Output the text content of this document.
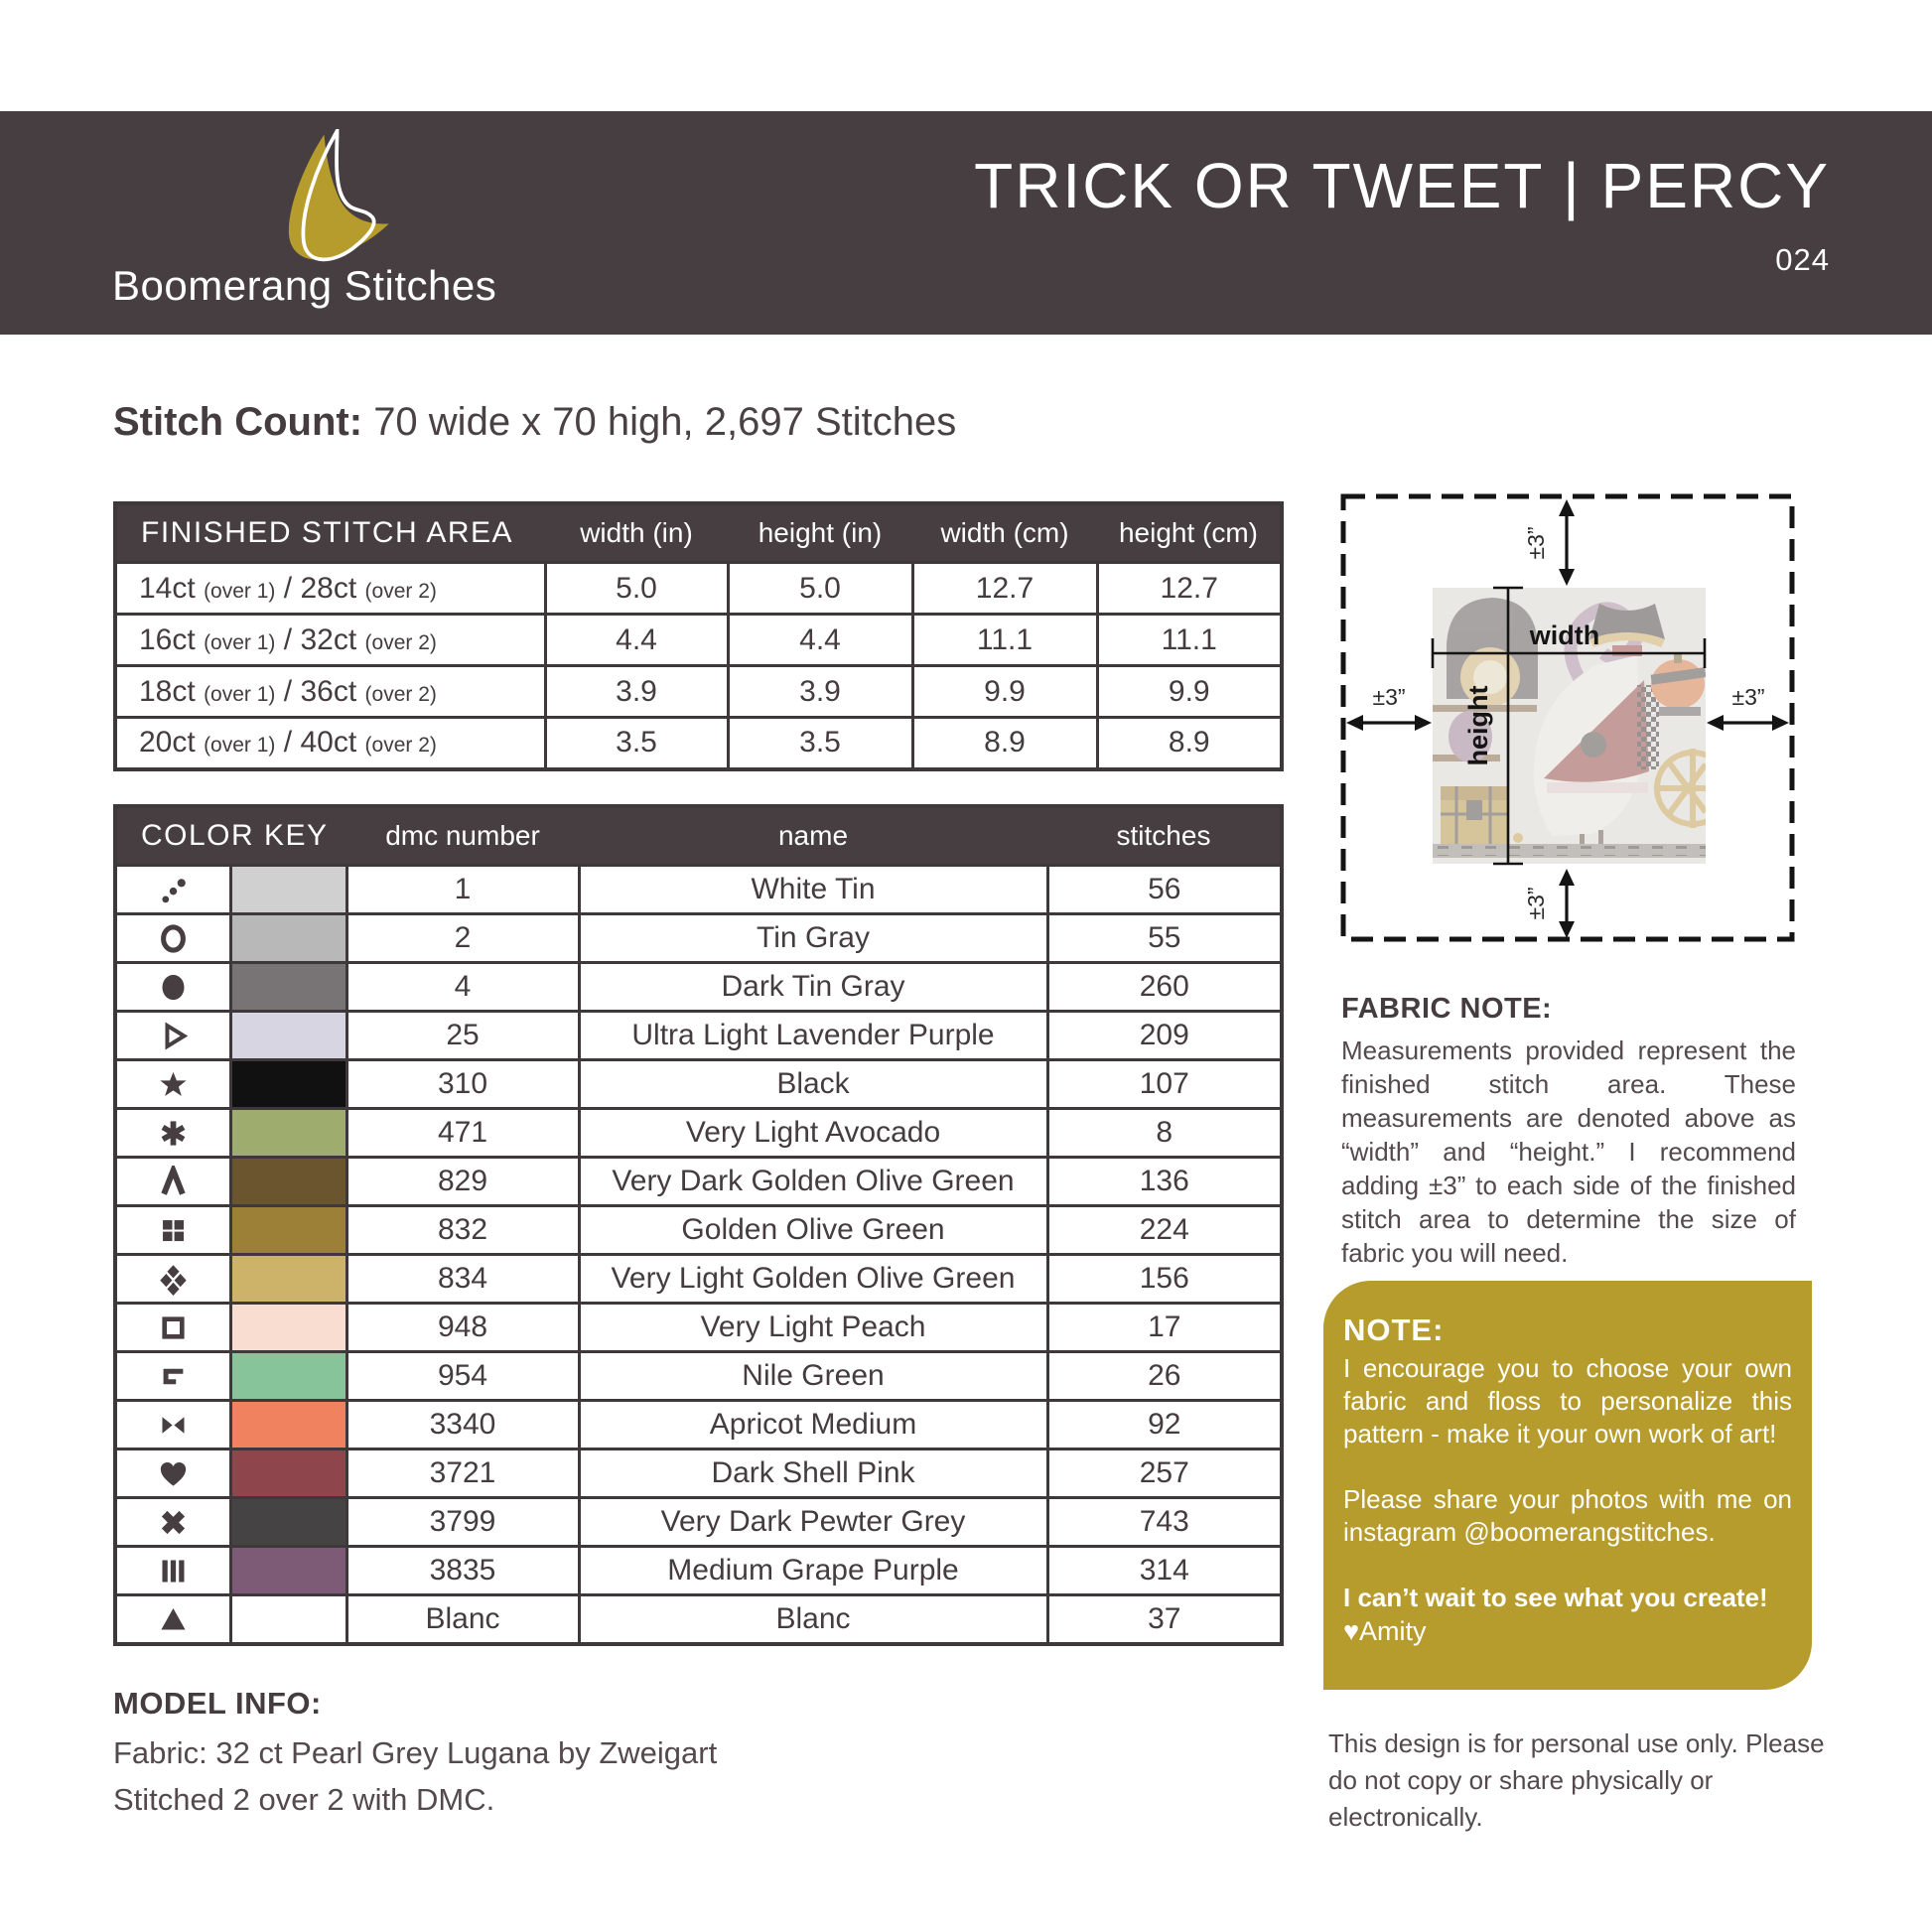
Boomerang Stitches
TRICK OR TWEET | PERCY
024
Stitch Count: 70 wide x 70 high, 2,697 Stitches
FINISHED STITCH AREA	width (in)	height (in)	width (cm)	height (cm)
14ct (over 1) / 28ct (over 2)	5.0	5.0	12.7	12.7
16ct (over 1) / 32ct (over 2)	4.4	4.4	11.1	11.1
18ct (over 1) / 36ct (over 2)	3.9	3.9	9.9	9.9
20ct (over 1) / 40ct (over 2)	3.5	3.5	8.9	8.9
COLOR KEY		dmc number	name	stitches

		1	White Tin	56

		2	Tin Gray	55

		4	Dark Tin Gray	260

		25	Ultra Light Lavender Purple	209

		310	Black	107

		471	Very Light Avocado	8

		829	Very Dark Golden Olive Green	136

		832	Golden Olive Green	224

		834	Very Light Golden Olive Green	156

		948	Very Light Peach	17

		954	Nile Green	26

		3340	Apricot Medium	92

		3721	Dark Shell Pink	257

		3799	Very Dark Pewter Grey	743

		3835	Medium Grape Purple	314

		Blanc	Blanc	37
width
height
±3”
±3”
±3”	±3”
FABRIC NOTE:

Measurements provided represent the finished stitch area. These measurements are denoted above as “width” and “height.” I recommend adding ±3” to each side of the finished stitch area to determine the size of fabric you will need.

NOTE:

I encourage you to choose your own fabric and floss to personalize this pattern - make it your own work of art!

Please share your photos with me on instagram @boomerangstitches.

I can’t wait to see what you create!

♥Amity
MODEL INFO:

Fabric: 32 ct Pearl Grey Lugana by Zweigart

Stitched 2 over 2 with DMC.

This design is for personal use only. Please do not copy or share physically or electronically.
